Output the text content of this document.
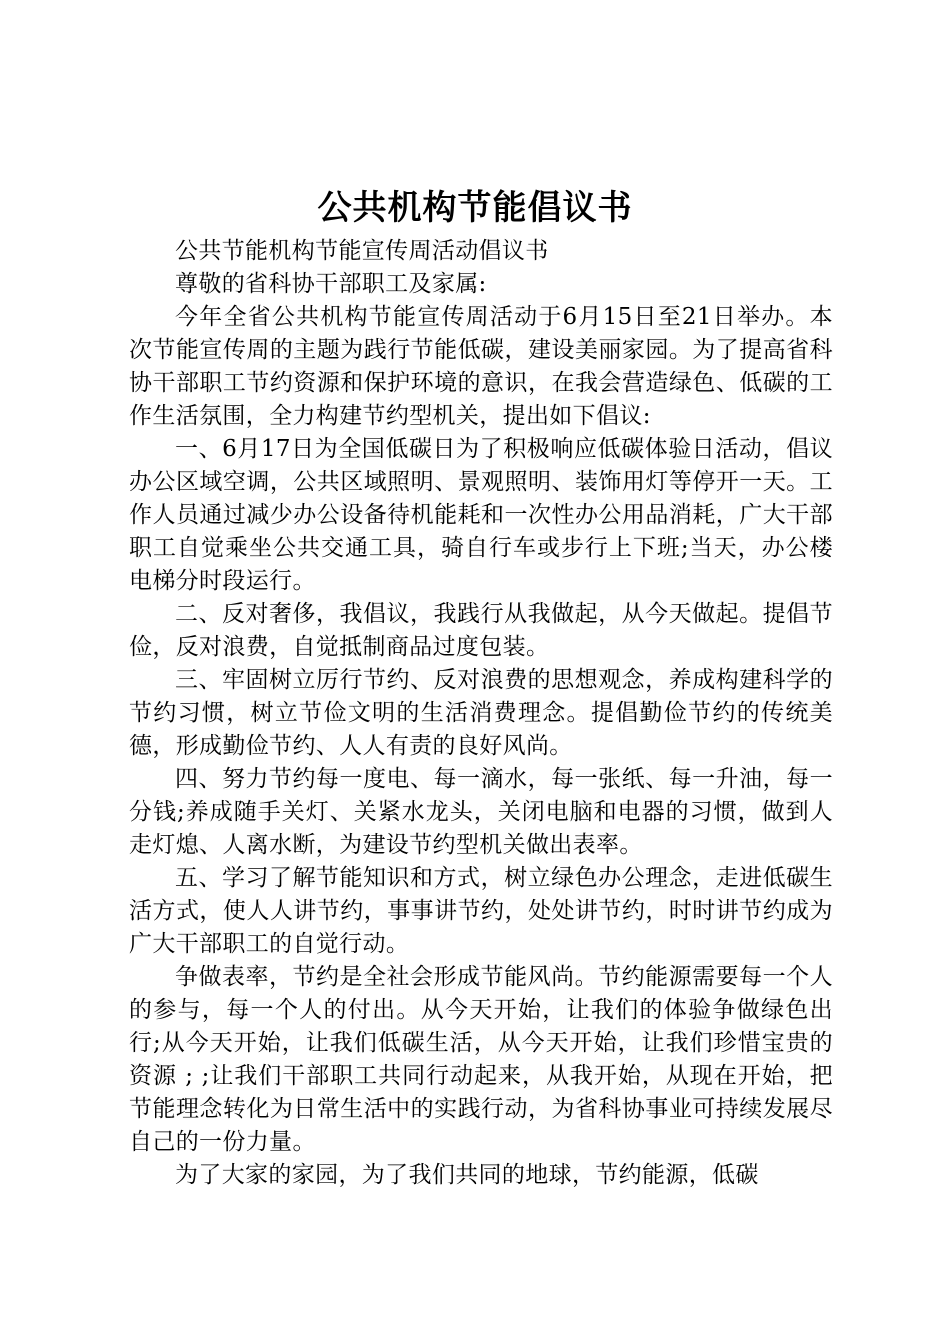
公共机构节能倡议书

公共节能机构节能宣传周活动倡议书

尊敬的省科协干部职工及家属:

今年全省公共机构节能宣传周活动于6月15日至21日举办。本次节能宣传周的主题为践行节能低碳，建设美丽家园。为了提高省科协干部职工节约资源和保护环境的意识，在我会营造绿色、低碳的工作生活氛围，全力构建节约型机关，提出如下倡议:

一、6月17日为全国低碳日为了积极响应低碳体验日活动，倡议办公区域空调，公共区域照明、景观照明、装饰用灯等停开一天。工作人员通过减少办公设备待机能耗和一次性办公用品消耗，广大干部职工自觉乘坐公共交通工具，骑自行车或步行上下班;当天，办公楼电梯分时段运行。

二、反对奢侈，我倡议，我践行从我做起，从今天做起。提倡节俭，反对浪费，自觉抵制商品过度包装。

三、牢固树立厉行节约、反对浪费的思想观念，养成构建科学的节约习惯，树立节俭文明的生活消费理念。提倡勤俭节约的传统美德，形成勤俭节约、人人有责的良好风尚。

四、努力节约每一度电、每一滴水，每一张纸、每一升油，每一分钱;养成随手关灯、关紧水龙头，关闭电脑和电器的习惯，做到人走灯熄、人离水断，为建设节约型机关做出表率。

五、学习了解节能知识和方式，树立绿色办公理念，走进低碳生活方式，使人人讲节约，事事讲节约，处处讲节约，时时讲节约成为广大干部职工的自觉行动。

争做表率，节约是全社会形成节能风尚。节约能源需要每一个人的参与，每一个人的付出。从今天开始，让我们的体验争做绿色出行;从今天开始，让我们低碳生活，从今天开始，让我们珍惜宝贵的资源 ; ;让我们干部职工共同行动起来，从我开始，从现在开始，把节能理念转化为日常生活中的实践行动，为省科协事业可持续发展尽自己的一份力量。

为了大家的家园，为了我们共同的地球，节约能源，低碳
